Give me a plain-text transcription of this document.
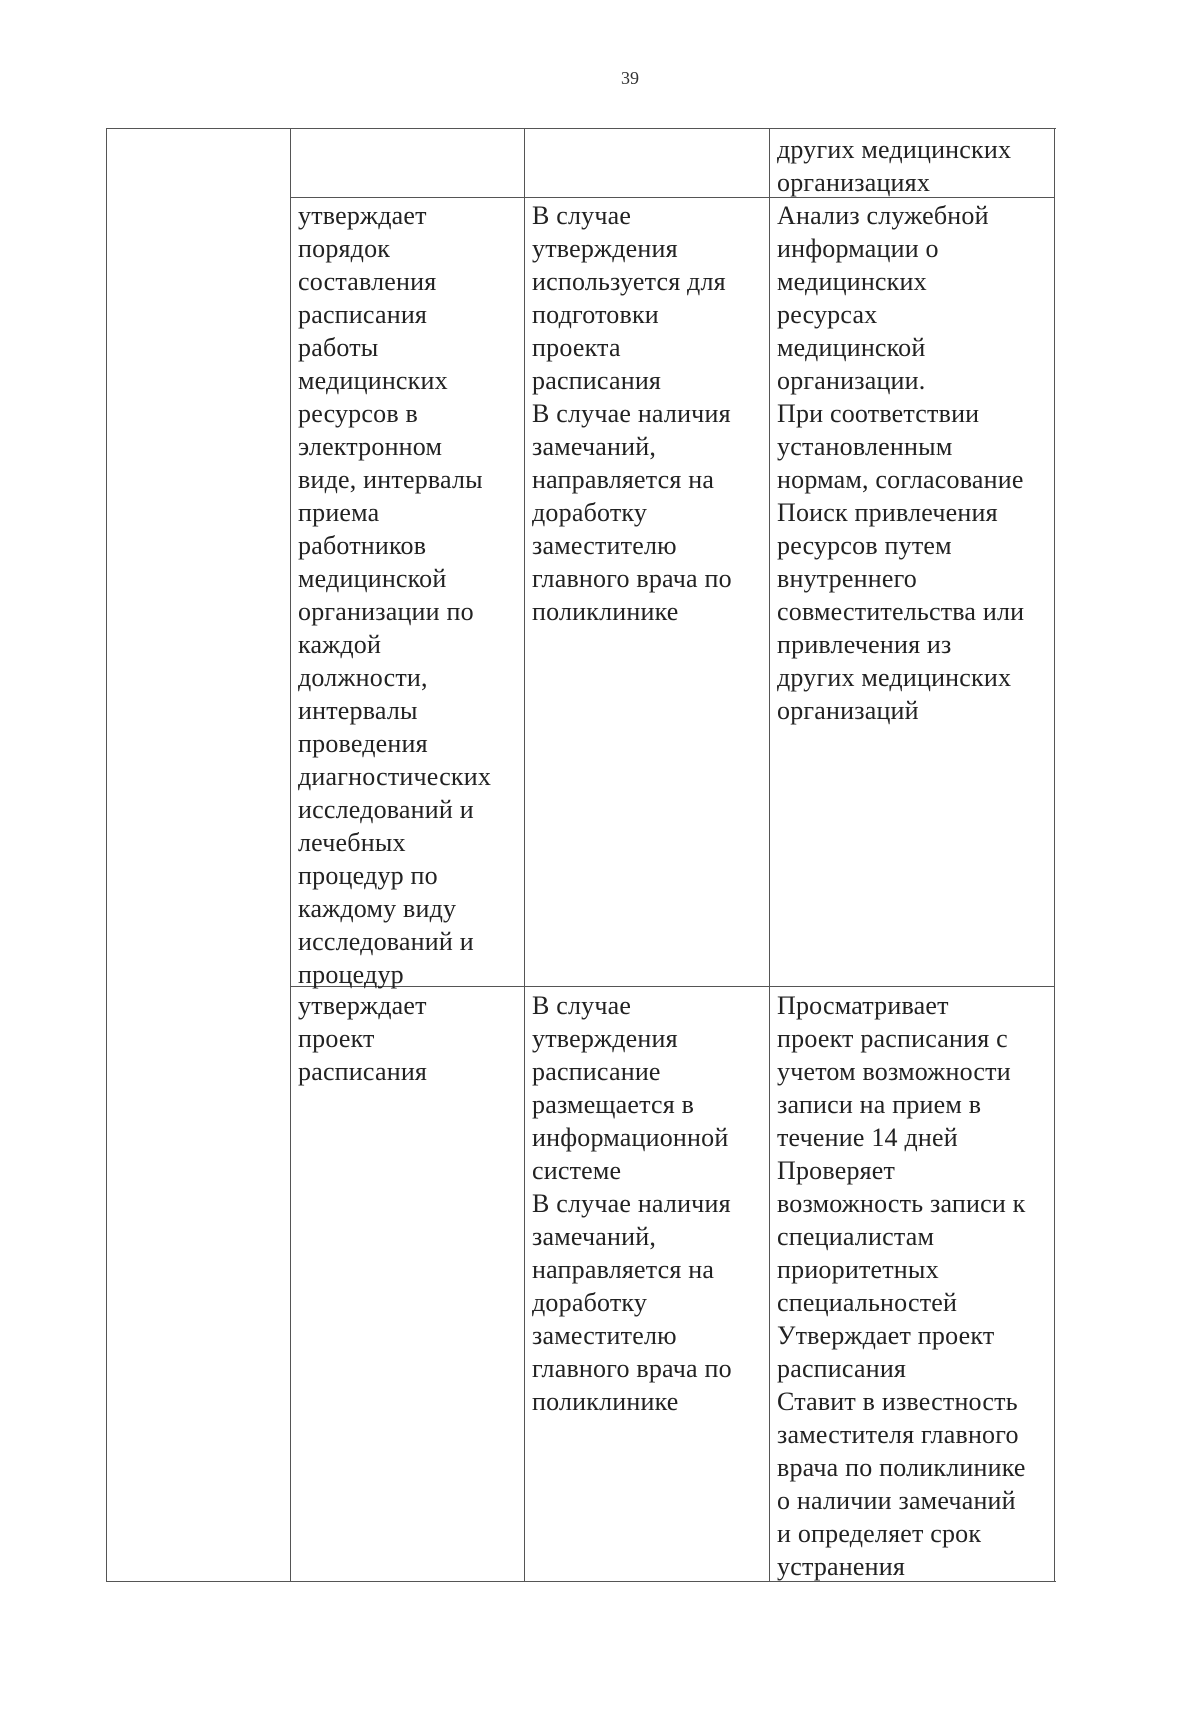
39
других медицинских
организациях
утверждает
порядок
составления
расписания
работы
медицинских
ресурсов в
электронном
виде, интервалы
приема
работников
медицинской
организации по
каждой
должности,
интервалы
проведения
диагностических
исследований и
лечебных
процедур по
каждому виду
исследований и
процедур
В случае
утверждения
используется для
подготовки
проекта
расписания
В случае наличия
замечаний,
направляется на
доработку
заместителю
главного врача по
поликлинике
Анализ служебной
информации о
медицинских
ресурсах
медицинской
организации.
При соответствии
установленным
нормам, согласование
Поиск привлечения
ресурсов путем
внутреннего
совместительства или
привлечения из
других медицинских
организаций
утверждает
проект
расписания
В случае
утверждения
расписание
размещается в
информационной
системе
В случае наличия
замечаний,
направляется на
доработку
заместителю
главного врача по
поликлинике
Просматривает
проект расписания с
учетом возможности
записи на прием в
течение 14 дней
Проверяет
возможность записи к
специалистам
приоритетных
специальностей
Утверждает проект
расписания
Ставит в известность
заместителя главного
врача по поликлинике
о наличии замечаний
и определяет срок
устранения
